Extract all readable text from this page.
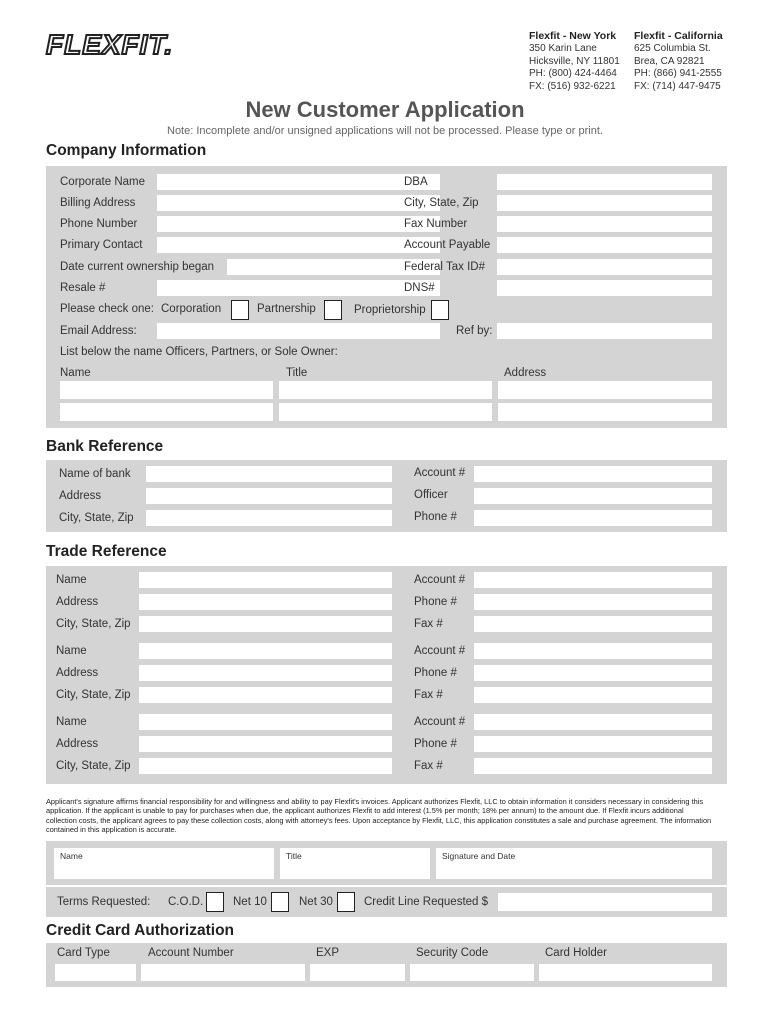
FLEXFIT.	Flexfit - New York
350 Karin Lane
Hicksville, NY 11801
PH: (800) 424-4464
FX: (516) 932-6221
Flexfit - California
625 Columbia St.
Brea, CA 92821
PH: (866) 941-2555
FX: (714) 447-9475
New Customer Application
Note: Incomplete and/or unsigned applications will not be processed. Please type or print.
Company Information
Corporate Name	DBA
Billing Address	City, State, Zip
Phone Number	Fax Number
Primary Contact	Account Payable
Date current ownership began	Federal Tax ID#
Resale #	DNS#
Please check one: Corporation	Partnership	Proprietorship
Email Address:	Ref by:
List below the name Officers, Partners, or Sole Owner:
Name	Title	Address
Bank Reference
Name of bank	Account #
Address	Officer
City, State, Zip	Phone #
Trade Reference
Name	Account #
Address	Phone #
City, State, Zip	Fax #
Name	Account #
Address	Phone #
City, State, Zip	Fax #
Name	Account #
Address	Phone #
City, State, Zip	Fax #
Applicant's signature affirms financial responsibility for and willingness and ability to pay Flexfit's invoices. Applicant authorizes Flexfit, LLC to obtain information it considers necessary in considering this application. If the applicant is unable to pay for purchases when due, the applicant authorizes Flexfit to add interest (1.5% per month; 18% per annum) to the amount due. If Flexfit incurs additional collection costs, the applicant agrees to pay these collection costs, along with attorney's fees. Upon acceptance by Flexfit, LLC, this application constitutes a sale and purchase agreement. The information contained in this application is accurate.
Name	Title	Signature and Date
Terms Requested: C.O.D.	Net 10	Net 30	Credit Line Requested $
Credit Card Authorization
Card Type	Account Number	EXP	Security Code	Card Holder
